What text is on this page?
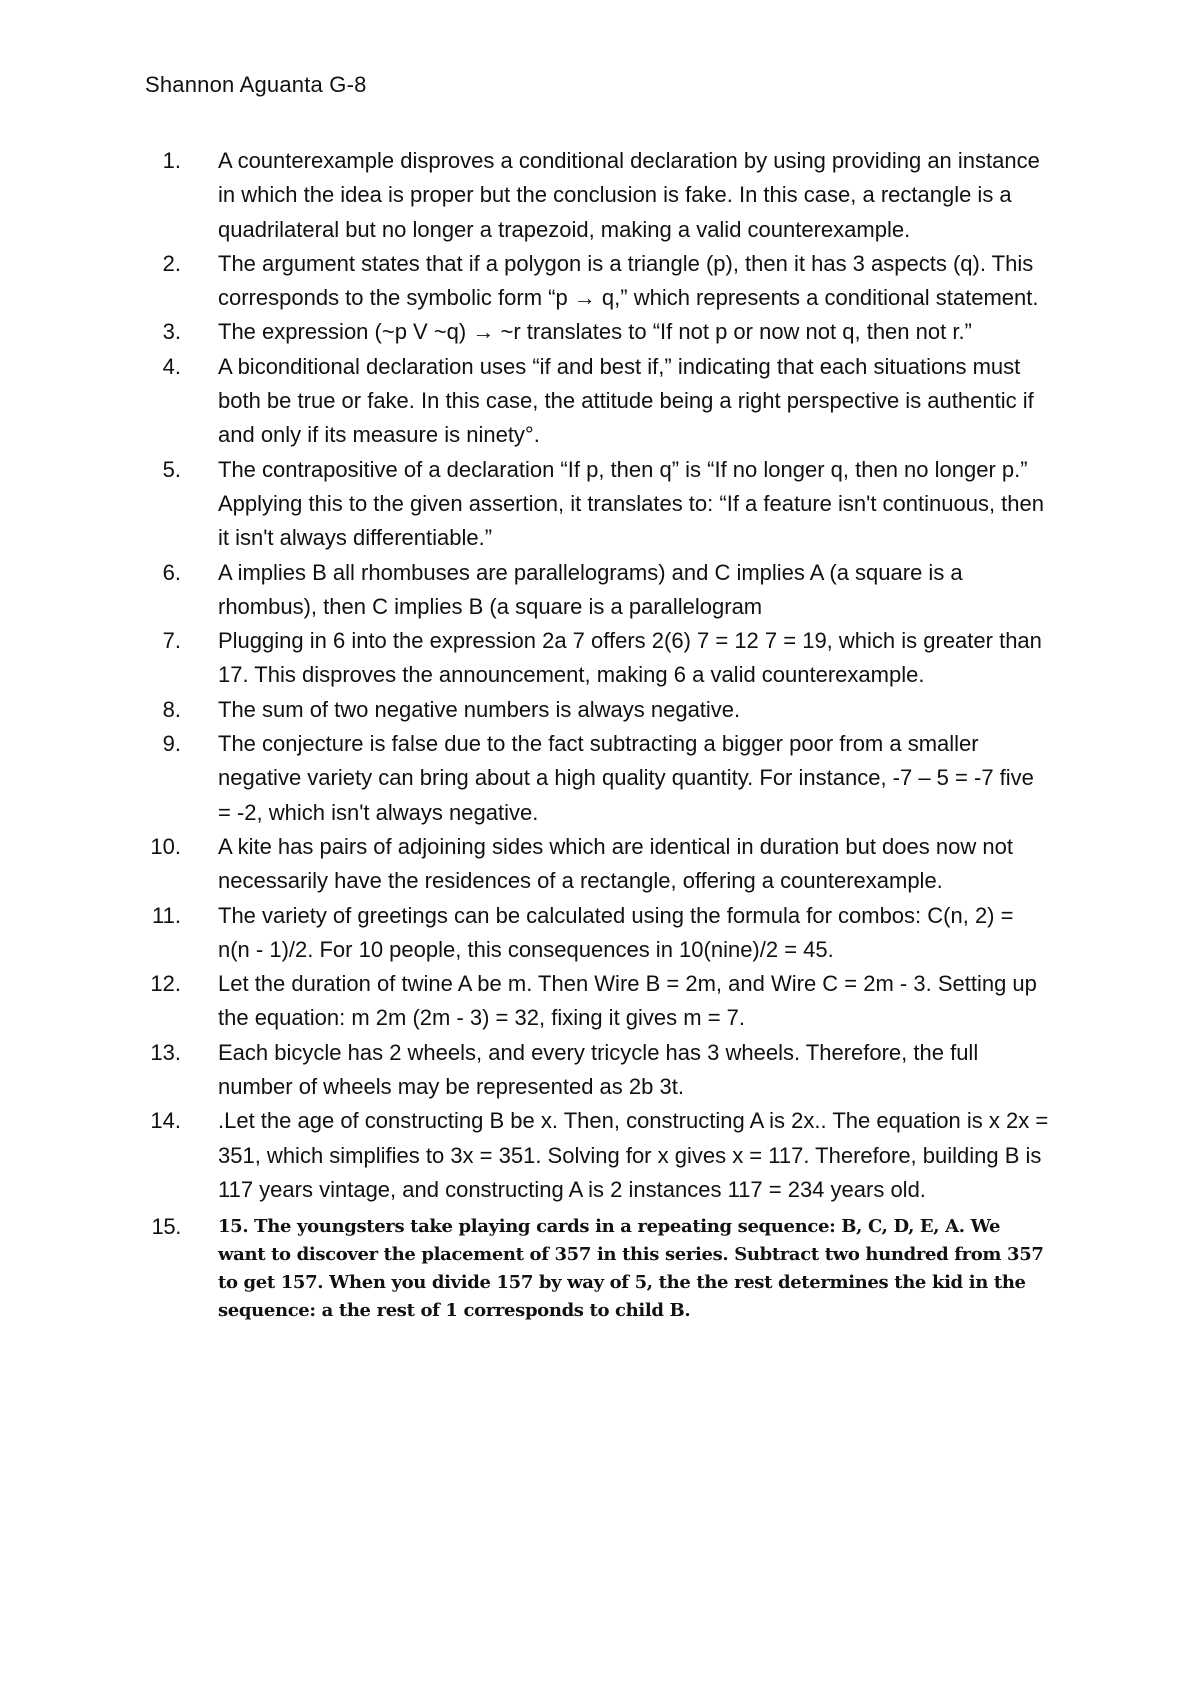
Shannon Aguanta G-8
1. A counterexample disproves a conditional declaration by using providing an instance in which the idea is proper but the conclusion is fake. In this case, a rectangle is a quadrilateral but no longer a trapezoid, making a valid counterexample.
2. The argument states that if a polygon is a triangle (p), then it has 3 aspects (q). This corresponds to the symbolic form “p → q,” which represents a conditional statement.
3. The expression (~p V ~q) → ~r translates to “If not p or now not q, then not r.”
4. A biconditional declaration uses “if and best if,” indicating that each situations must both be true or fake. In this case, the attitude being a right perspective is authentic if and only if its measure is ninety°.
5. The contrapositive of a declaration “If p, then q” is “If no longer q, then no longer p.” Applying this to the given assertion, it translates to: “If a feature isn't continuous, then it isn't always differentiable.”
6. A implies B all rhombuses are parallelograms) and C implies A (a square is a rhombus), then C implies B (a square is a parallelogram
7. Plugging in 6 into the expression 2a 7 offers 2(6) 7 = 12 7 = 19, which is greater than 17. This disproves the announcement, making 6 a valid counterexample.
8. The sum of two negative numbers is always negative.
9. The conjecture is false due to the fact subtracting a bigger poor from a smaller negative variety can bring about a high quality quantity. For instance, -7 – 5 = -7 five = -2, which isn't always negative.
10. A kite has pairs of adjoining sides which are identical in duration but does now not necessarily have the residences of a rectangle, offering a counterexample.
11. The variety of greetings can be calculated using the formula for combos: C(n, 2) = n(n - 1)/2. For 10 people, this consequences in 10(nine)/2 = 45.
12. Let the duration of twine A be m. Then Wire B = 2m, and Wire C = 2m - 3. Setting up the equation: m 2m (2m - 3) = 32, fixing it gives m = 7.
13. Each bicycle has 2 wheels, and every tricycle has 3 wheels. Therefore, the full number of wheels may be represented as 2b 3t.
14. .Let the age of constructing B be x. Then, constructing A is 2x.. The equation is x 2x = 351, which simplifies to 3x = 351. Solving for x gives x = 117. Therefore, building B is 117 years vintage, and constructing A is 2 instances 117 = 234 years old.
15. 15. The youngsters take playing cards in a repeating sequence: B, C, D, E, A. We want to discover the placement of 357 in this series. Subtract two hundred from 357 to get 157. When you divide 157 by way of 5, the the rest determines the kid in the sequence: a the rest of 1 corresponds to child B.
